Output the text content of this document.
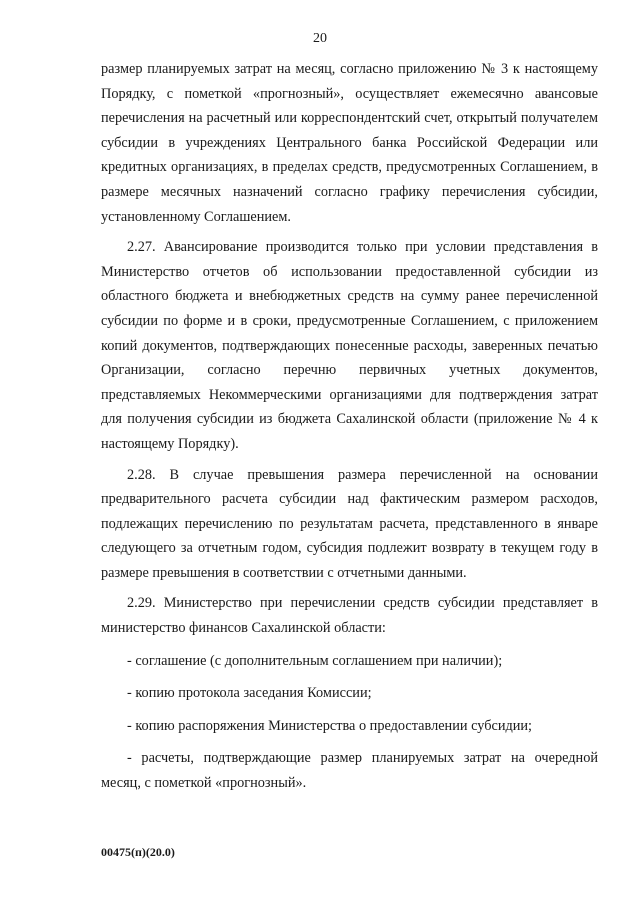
20

размер планируемых затрат на месяц, согласно приложению № 3 к настоящему Порядку, с пометкой «прогнозный», осуществляет ежемесячно авансовые перечисления на расчетный или корреспондентский счет, открытый получателем субсидии в учреждениях Центрального банка Российской Федерации или кредитных организациях, в пределах средств, предусмотренных Соглашением, в размере месячных назначений согласно графику перечисления субсидии, установленному Соглашением.

2.27. Авансирование производится только при условии представления в Министерство отчетов об использовании предоставленной субсидии из областного бюджета и внебюджетных средств на сумму ранее перечисленной субсидии по форме и в сроки, предусмотренные Соглашением, с приложением копий документов, подтверждающих понесенные расходы, заверенных печатью Организации, согласно перечню первичных учетных документов, представляемых Некоммерческими организациями для подтверждения затрат для получения субсидии из бюджета Сахалинской области (приложение № 4 к настоящему Порядку).

2.28. В случае превышения размера перечисленной на основании предварительного расчета субсидии над фактическим размером расходов, подлежащих перечислению по результатам расчета, представленного в январе следующего за отчетным годом, субсидия подлежит возврату в текущем году в размере превышения в соответствии с отчетными данными.

2.29. Министерство при перечислении средств субсидии представляет в министерство финансов Сахалинской области:

- соглашение (с дополнительным соглашением при наличии);

- копию протокола заседания Комиссии;

- копию распоряжения Министерства о предоставлении субсидии;

- расчеты, подтверждающие размер планируемых затрат на очередной месяц, с пометкой «прогнозный».

00475(п)(20.0)
